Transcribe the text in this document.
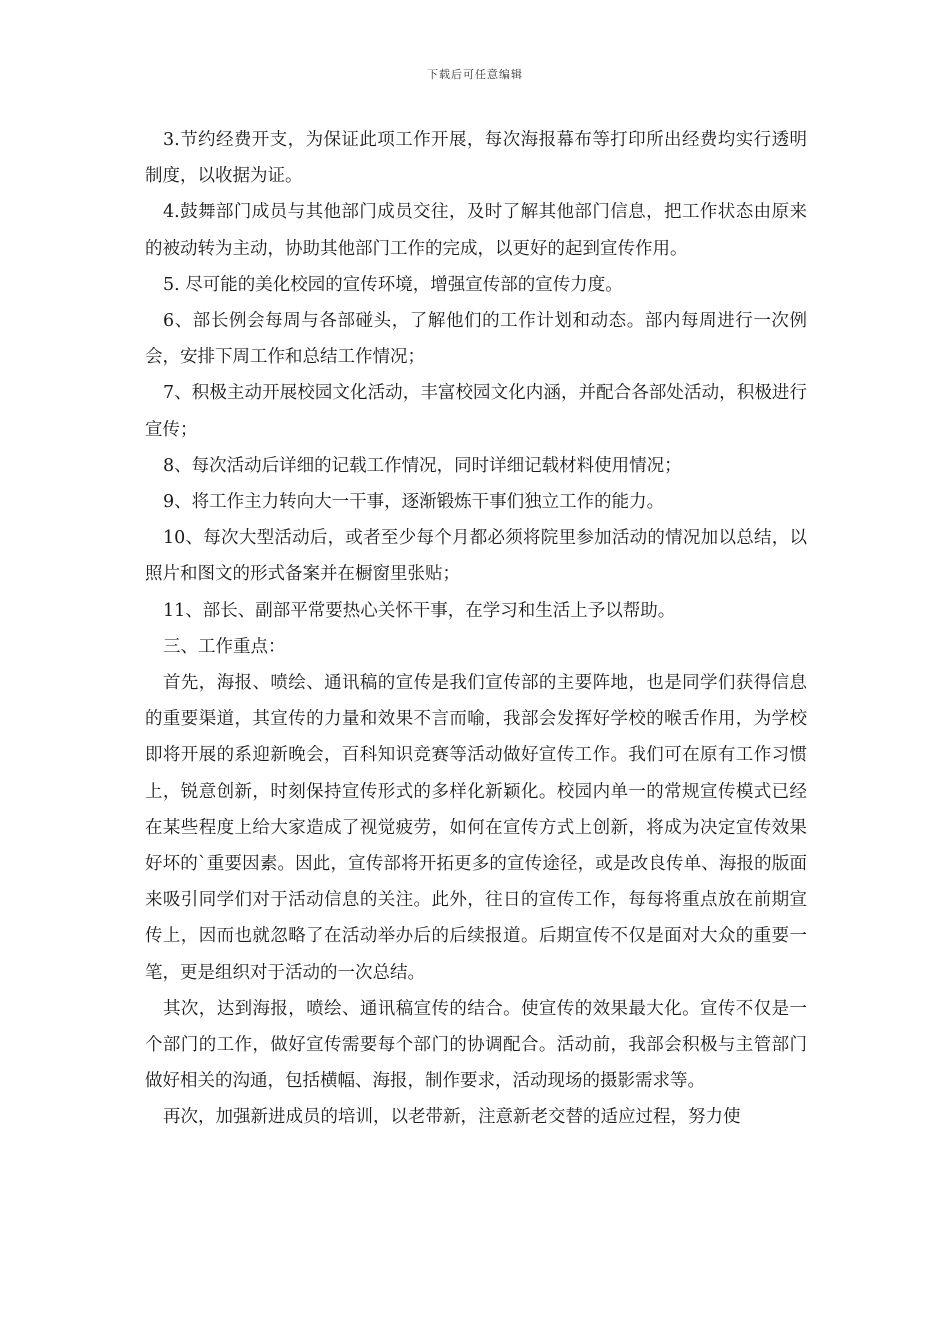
下载后可任意编辑

3.节约经费开支，为保证此项工作开展，每次海报幕布等打印所出经费均实行透明制度，以收据为证。

4.鼓舞部门成员与其他部门成员交往，及时了解其他部门信息，把工作状态由原来的被动转为主动，协助其他部门工作的完成，以更好的起到宣传作用。

5. 尽可能的美化校园的宣传环境，增强宣传部的宣传力度。

6、部长例会每周与各部碰头，了解他们的工作计划和动态。部内每周进行一次例会，安排下周工作和总结工作情况；

7、积极主动开展校园文化活动，丰富校园文化内涵，并配合各部处活动，积极进行宣传；

8、每次活动后详细的记载工作情况，同时详细记载材料使用情况；

9、将工作主力转向大一干事，逐渐锻炼干事们独立工作的能力。

10、每次大型活动后，或者至少每个月都必须将院里参加活动的情况加以总结，以照片和图文的形式备案并在橱窗里张贴；

11、部长、副部平常要热心关怀干事，在学习和生活上予以帮助。

三、工作重点：

首先，海报、喷绘、通讯稿的宣传是我们宣传部的主要阵地，也是同学们获得信息的重要渠道，其宣传的力量和效果不言而喻，我部会发挥好学校的喉舌作用，为学校即将开展的系迎新晚会，百科知识竞赛等活动做好宣传工作。我们可在原有工作习惯上，锐意创新，时刻保持宣传形式的多样化新颖化。校园内单一的常规宣传模式已经在某些程度上给大家造成了视觉疲劳，如何在宣传方式上创新，将成为决定宣传效果好坏的`重要因素。因此，宣传部将开拓更多的宣传途径，或是改良传单、海报的版面来吸引同学们对于活动信息的关注。此外，往日的宣传工作，每每将重点放在前期宣传上，因而也就忽略了在活动举办后的后续报道。后期宣传不仅是面对大众的重要一笔，更是组织对于活动的一次总结。

其次，达到海报，喷绘、通讯稿宣传的结合。使宣传的效果最大化。宣传不仅是一个部门的工作，做好宣传需要每个部门的协调配合。活动前，我部会积极与主管部门做好相关的沟通，包括横幅、海报，制作要求，活动现场的摄影需求等。

再次，加强新进成员的培训，以老带新，注意新老交替的适应过程，努力使
